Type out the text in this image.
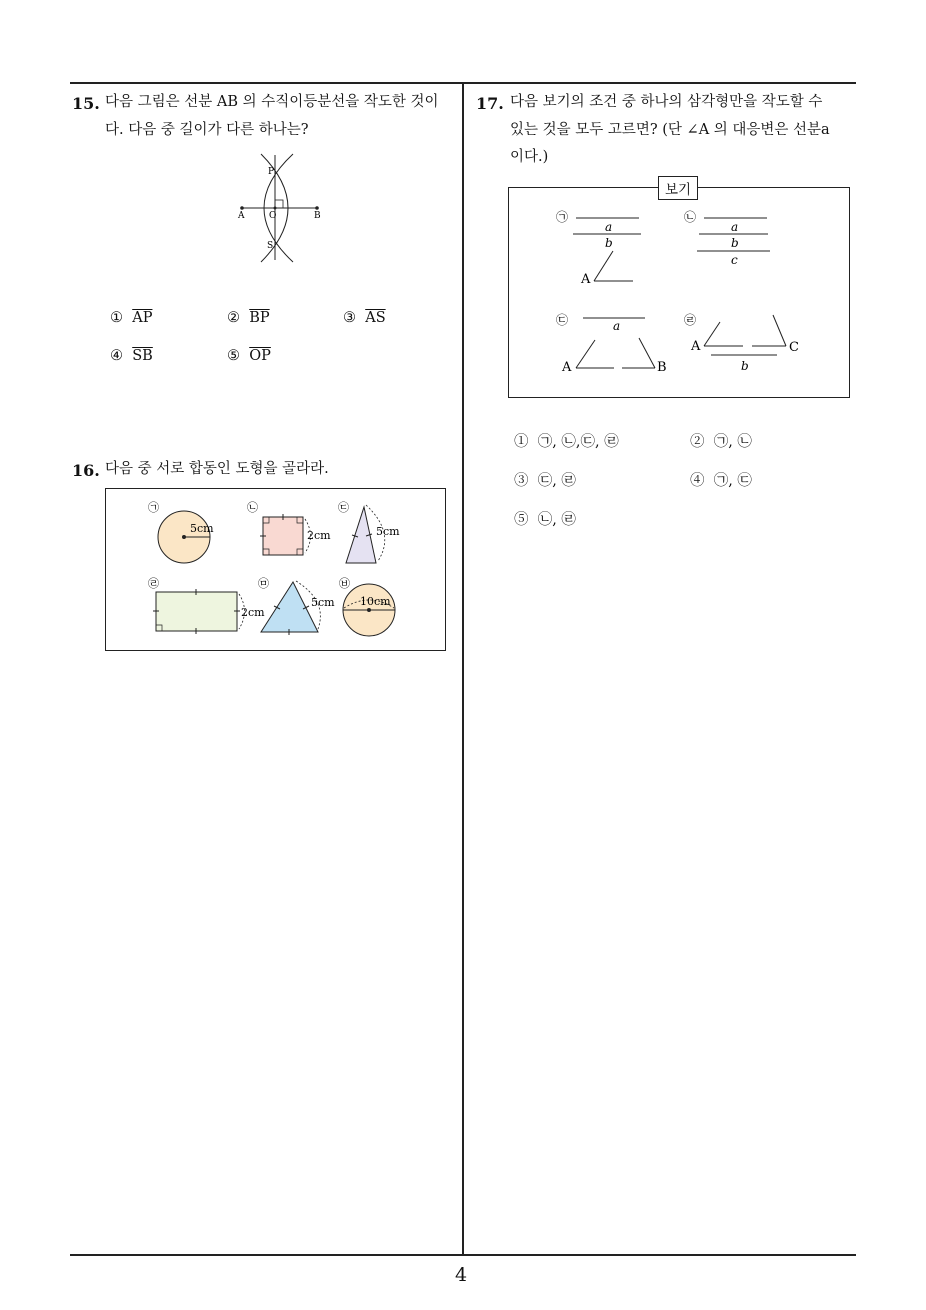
4
15. 다음 그림은 선분 AB 의 수직이등분선을 작도한 것이
다. 다음 중 길이가 다른 하나는?
P
A	O	B
S
① $\overline{AP}$	② $\overline{BP}$	③ $\overline{AS}$
④ $\overline{SB}$	⑤ $\overline{OP}$
16. 다음 중 서로 합동인 도형을 골라라.
㉠
5cm
㉡
2cm
㉢
5cm
㉣
2cm
㉤
5cm
㉥
10cm
17. 다음 보기의 조건 중 하나의 삼각형만을 작도할 수
있는 것을 모두 고르면? (단 ∠A 의 대응변은 선분a
이다.)
보기
㉠
a
b
A
㉡
a
b
c
㉢	a
A	B
㉣
A	C
b
① ㉠, ㉡,㉢, ㉣	② ㉠, ㉡
③ ㉢, ㉣	④ ㉠, ㉢
⑤ ㉡, ㉣
